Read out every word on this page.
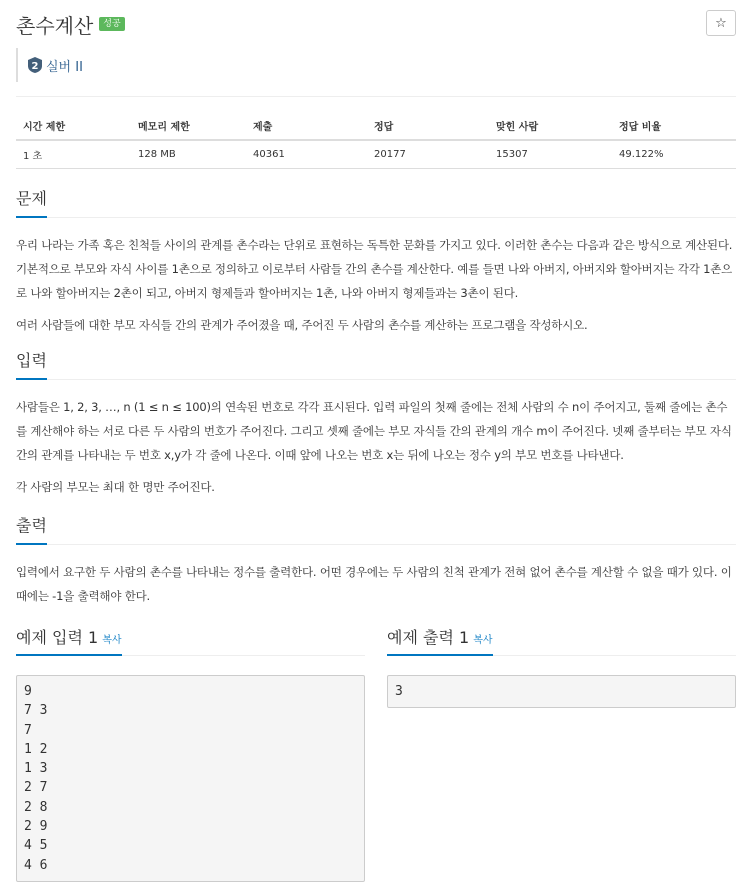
촌수계산	성공	☆
2 실버 II
시간 제한	메모리 제한	제출	정답	맞힌 사람	정답 비율
1 초	128 MB	40361	20177	15307	49.122%
문제

우리 나라는 가족 혹은 친척들 사이의 관계를 촌수라는 단위로 표현하는 독특한 문화를 가지고 있다. 이러한 촌수는 다음과 같은 방식으로 계산된다. 기본적으로 부모와 자식 사이를 1촌으로 정의하고 이로부터 사람들 간의 촌수를 계산한다. 예를 들면 나와 아버지, 아버지와 할아버지는 각각 1촌으로 나와 할아버지는 2촌이 되고, 아버지 형제들과 할아버지는 1촌, 나와 아버지 형제들과는 3촌이 된다.

여러 사람들에 대한 부모 자식들 간의 관계가 주어졌을 때, 주어진 두 사람의 촌수를 계산하는 프로그램을 작성하시오.

입력

사람들은 1, 2, 3, …, n (1 ≤ n ≤ 100)의 연속된 번호로 각각 표시된다. 입력 파일의 첫째 줄에는 전체 사람의 수 n이 주어지고, 둘째 줄에는 촌수를 계산해야 하는 서로 다른 두 사람의 번호가 주어진다. 그리고 셋째 줄에는 부모 자식들 간의 관계의 개수 m이 주어진다. 넷째 줄부터는 부모 자식간의 관계를 나타내는 두 번호 x,y가 각 줄에 나온다. 이때 앞에 나오는 번호 x는 뒤에 나오는 정수 y의 부모 번호를 나타낸다.

각 사람의 부모는 최대 한 명만 주어진다.

출력

입력에서 요구한 두 사람의 촌수를 나타내는 정수를 출력한다. 어떤 경우에는 두 사람의 친척 관계가 전혀 없어 촌수를 계산할 수 없을 때가 있다. 이때에는 -1을 출력해야 한다.

예제 입력 1 복사
9
7 3
7
1 2
1 3
2 7
2 8
2 9
4 5
4 6
예제 출력 1 복사
3
